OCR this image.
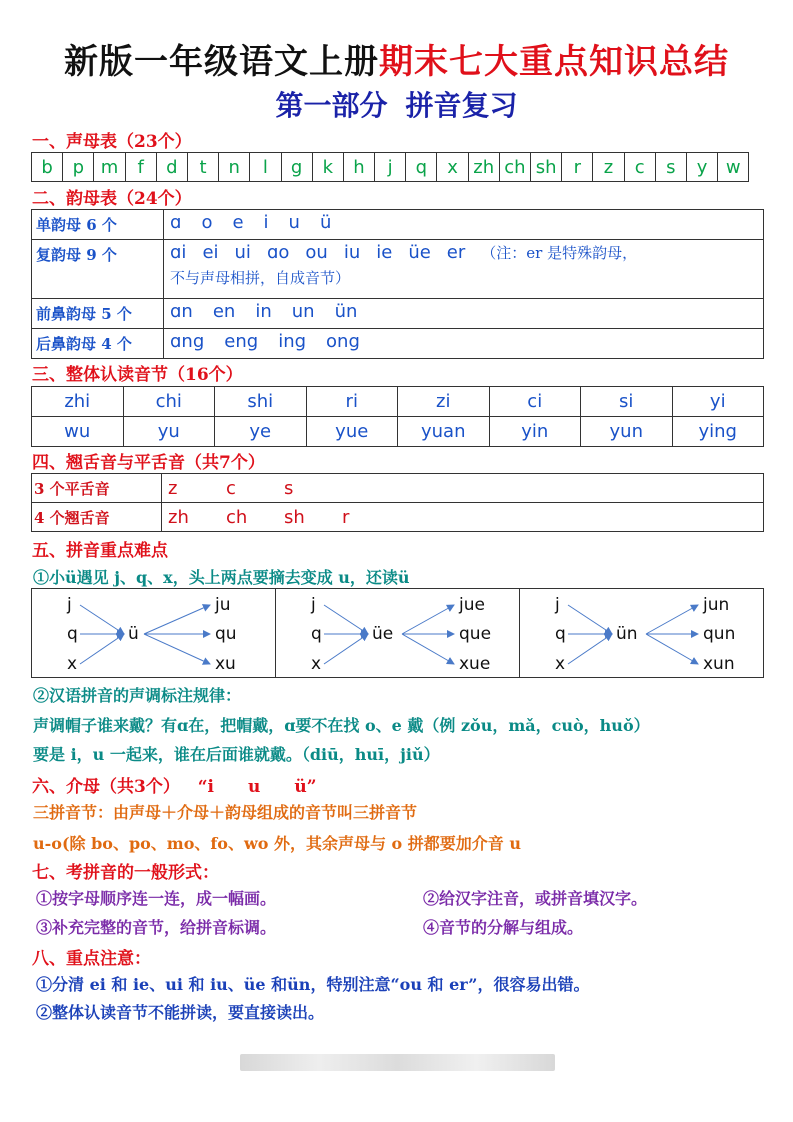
新版一年级语文上册期末七大重点知识总结
第一部分 拼音复习
一、声母表（23个）
b	p	m	f	d	t	n	l	g	k	h	j	q	x	zh	ch	sh	r	z	c	s	y	w
二、韵母表（24个）
单韵母 6 个	ɑ o e i u ü
复韵母 9 个	ɑi ei ui ɑo ou iu ie üe er （注：er 是特殊韵母，
不与声母相拼，自成音节）

前鼻韵母 5 个	ɑn en in un ün
后鼻韵母 4 个	ɑng eng ing ong
三、整体认读音节（16个）
zhi	chi	shi	ri	zi	ci	si	yi
wu	yu	ye	yue	yuan	yin	yun	ying
四、翘舌音与平舌音（共7个）
3 个平舌音	z c s
4 个翘舌音	zh ch sh r
五、拼音重点难点
①小ü遇见 j、q、x，头上两点要摘去变成 u，还读ü
j
q
x
ü
ju
qu
xu
j
q
x
üe
jue
que
xue
j
q
x
ün
jun
qun
xun
②汉语拼音的声调标注规律：
声调帽子谁来戴？有ɑ在，把帽戴，ɑ要不在找 o、e 戴（例 zǒu，mǎ，cuò，huǒ）
要是 i，u 一起来，谁在后面谁就戴。（diū，huī，jiǔ）
六、介母（共3个） “i　　u　　ü”
三拼音节：由声母＋介母＋韵母组成的音节叫三拼音节
u-o(除 bo、po、mo、fo、wo 外，其余声母与 o 拼都要加介音 u
七、考拼音的一般形式：
①按字母顺序连一连，成一幅画。	②给汉字注音，或拼音填汉字。
③补充完整的音节，给拼音标调。	④音节的分解与组成。
八、重点注意：
①分清 ei 和 ie、ui 和 iu、üe 和ün，特别注意“ou 和 er”，很容易出错。
②整体认读音节不能拼读，要直接读出。
